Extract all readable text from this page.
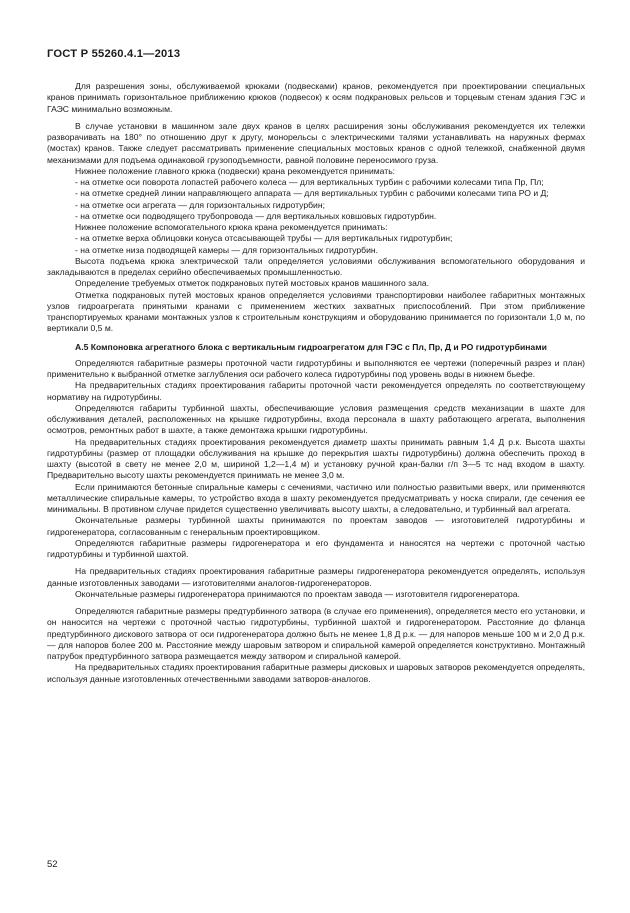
ГОСТ Р 55260.4.1—2013

Для разрешения зоны, обслуживаемой крюками (подвесками) кранов, рекомендуется при проектировании специальных кранов принимать горизонтальное приближению крюков (подвесок) к осям подкрановых рельсов и торцевым стенам здания ГЭС и ГАЭС минимально возможным.

В случае установки в машинном зале двух кранов в целях расширения зоны обслуживания рекомендуется их тележки разворачивать на 180° по отношению друг к другу, монорельсы с электрическими талями устанавливать на наружных фермах (мостах) кранов. Также следует рассматривать применение специальных мостовых кранов с одной тележкой, снабженной двумя механизмами для подъема одинаковой грузоподъемности, равной половине переносимого груза.

Нижнее положение главного крюка (подвески) крана рекомендуется принимать:

- на отметке оси поворота лопастей рабочего колеса — для вертикальных турбин с рабочими колесами типа Пр, Пл;

- на отметке средней линии направляющего аппарата — для вертикальных турбин с рабочими колесами типа РО и Д;

- на отметке оси агрегата — для горизонтальных гидротурбин;

- на отметке оси подводящего трубопровода — для вертикальных ковшовых гидротурбин.

Нижнее положение вспомогательного крюка крана рекомендуется принимать:

- на отметке верха облицовки конуса отсасывающей трубы — для вертикальных гидротурбин;

- на отметке низа подводящей камеры — для горизонтальных гидротурбин.

Высота подъема крюка электрической тали определяется условиями обслуживания вспомогательного оборудования и закладываются в пределах серийно обеспечиваемых промышленностью.

Определение требуемых отметок подкрановых путей мостовых кранов машинного зала.

Отметка подкрановых путей мостовых кранов определяется условиями транспортировки наиболее габаритных монтажных узлов гидроагрегата принятыми кранами с применением жестких захватных приспособлений. При этом приближение транспортируемых кранами монтажных узлов к строительным конструкциям и оборудованию принимается по горизонтали 1,0 м, по вертикали 0,5 м.

А.5 Компоновка агрегатного блока с вертикальным гидроагрегатом для ГЭС с Пл, Пр, Д и РО гидротурбинами

Определяются габаритные размеры проточной части гидротурбины и выполняются ее чертежи (поперечный разрез и план) применительно к выбранной отметке заглубления оси рабочего колеса гидротурбины под уровень воды в нижнем бьефе.

На предварительных стадиях проектирования габариты проточной части рекомендуется определять по соответствующему нормативу на гидротурбины.

Определяются габариты турбинной шахты, обеспечивающие условия размещения средств механизации в шахте для обслуживания деталей, расположенных на крышке гидротурбины, входа персонала в шахту работающего агрегата, выполнения осмотров, ремонтных работ в шахте, а также демонтажа крышки гидротурбины.

На предварительных стадиях проектирования рекомендуется диаметр шахты принимать равным 1,4 Д р.к. Высота шахты гидротурбины (размер от площадки обслуживания на крышке до перекрытия шахты гидротурбины) должна обеспечить проход в шахту (высотой в свету не менее 2,0 м, шириной 1,2—1,4 м) и установку ручной кран-балки г/п 3—5 тс над входом в шахту. Предварительно высоту шахты рекомендуется принимать не менее 3,0 м.

Если принимаются бетонные спиральные камеры с сечениями, частично или полностью развитыми вверх, или применяются металлические спиральные камеры, то устройство входа в шахту рекомендуется предусматривать у носка спирали, где сечения ее минимальны. В противном случае придется существенно увеличивать высоту шахты, а следовательно, и турбинный вал агрегата.

Окончательные размеры турбинной шахты принимаются по проектам заводов — изготовителей гидротурбины и гидрогенератора, согласованным с генеральным проектировщиком.

Определяются габаритные размеры гидрогенератора и его фундамента и наносятся на чертежи с проточной частью гидротурбины и турбинной шахтой.

На предварительных стадиях проектирования габаритные размеры гидрогенератора рекомендуется определять, используя данные изготовленных заводами — изготовителями аналогов-гидрогенераторов.

Окончательные размеры гидрогенератора принимаются по проектам завода — изготовителя гидрогенератора.

Определяются габаритные размеры предтурбинного затвора (в случае его применения), определяется место его установки, и он наносится на чертежи с проточной частью гидротурбины, турбинной шахтой и гидрогенератором. Расстояние до фланца предтурбинного дискового затвора от оси гидрогенератора должно быть не менее 1,8 Д р.к. — для напоров меньше 100 м и 2,0 Д р.к. — для напоров более 200 м. Расстояние между шаровым затвором и спиральной камерой определяется конструктивно. Монтажный патрубок предтурбинного затвора размещается между затвором и спиральной камерой.

На предварительных стадиях проектирования габаритные размеры дисковых и шаровых затворов рекомендуется определять, используя данные изготовленных отечественными заводами затворов-аналогов.

52
